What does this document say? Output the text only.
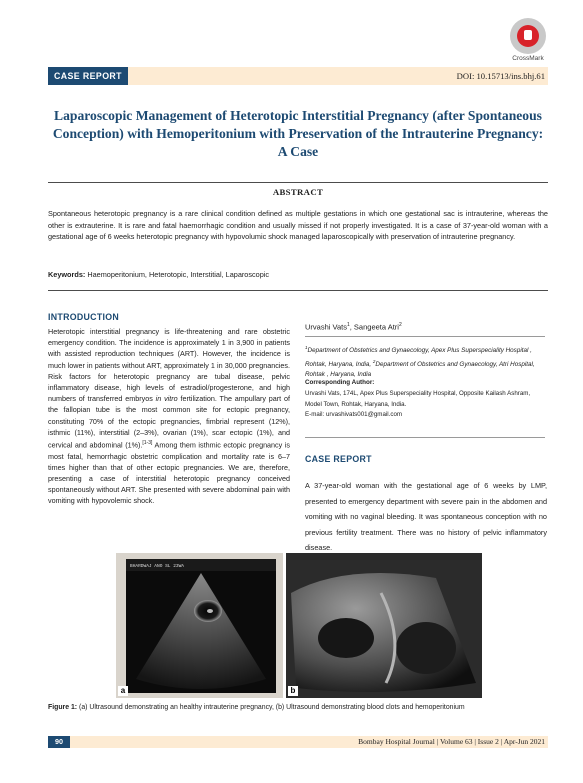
CrossMark
CASE REPORT	DOI: 10.15713/ins.bhj.61
Laparoscopic Management of Heterotopic Interstitial Pregnancy (after Spontaneous Conception) with Hemoperitonium with Preservation of the Intrauterine Pregnancy: A Case
ABSTRACT
Spontaneous heterotopic pregnancy is a rare clinical condition defined as multiple gestations in which one gestational sac is intrauterine, whereas the other is extrauterine. It is rare and fatal haemorrhagic condition and usually missed if not properly investigated. It is a case of 37-year-old woman with a gestational age of 6 weeks heterotopic pregnancy with hypovolumic shock managed laparoscopically with preservation of intrauterine pregnancy.
Keywords: Haemoperitonium, Heterotopic, Interstitial, Laparoscopic
INTRODUCTION
Heterotopic interstitial pregnancy is life-threatening and rare obstetric emergency condition. The incidence is approximately 1 in 3,900 in patients with assisted reproduction techniques (ART). However, the incidence is much lower in patients without ART, approximately 1 in 30,000 pregnancies. Risk factors for heterotopic pregnancy are tubal disease, pelvic inflammatory disease, high levels of estradiol/progesterone, and high numbers of transferred embryos in vitro fertilization. The ampullary part of the fallopian tube is the most common site for ectopic pregnancy, constituting 70% of the ectopic pregnancies, fimbrial represent (12%), isthmic (11%), interstitial (2–3%), ovarian (1%), scar ectopic (1%), and cervical and abdominal (1%).[1-3] Among them isthmic ectopic pregnancy is most fatal, hemorrhagic obstetric complication and mortality rate is 6–7 times higher than that of other ectopic pregnancies. We are, therefore, presenting a case of interstitial heterotopic pregnancy conceived spontaneously without ART. She presented with severe abdominal pain with vomiting with hypovolemic shock.
Urvashi Vats$^1$, Sangeeta Atri$^2$
$^1$Department of Obstetrics and Gynaecology, Apex Plus Superspeciality Hospital , Rohtak, Haryana, India, $^2$Department of Obstetrics and Gynaecology, Atri Hospital, Rohtak , Haryana, India
Corresponding Author:
Urvashi Vats, 174L, Apex Plus Superspeciality Hospital, Opposite Kailash Ashram, Model Town, Rohtak, Haryana, India.
E-mail: urvashivats001@gmail.com
CASE REPORT
A 37-year-old woman with the gestational age of 6 weeks by LMP, presented to emergency department with severe pain in the abdomen and vomiting with no vaginal bleeding. It was spontaneous conception with no previous fertility treatment. There was no history of pelvic inflammatory disease.
BHARDWAJ ANO SL 23WA
a	b
Figure 1: (a) Ultrasound demonstrating an healthy intrauterine pregnancy, (b) Ultrasound demonstrating blood clots and hemoperitonium
90	Bombay Hospital Journal | Volume 63 | Issue 2 | Apr-Jun 2021
